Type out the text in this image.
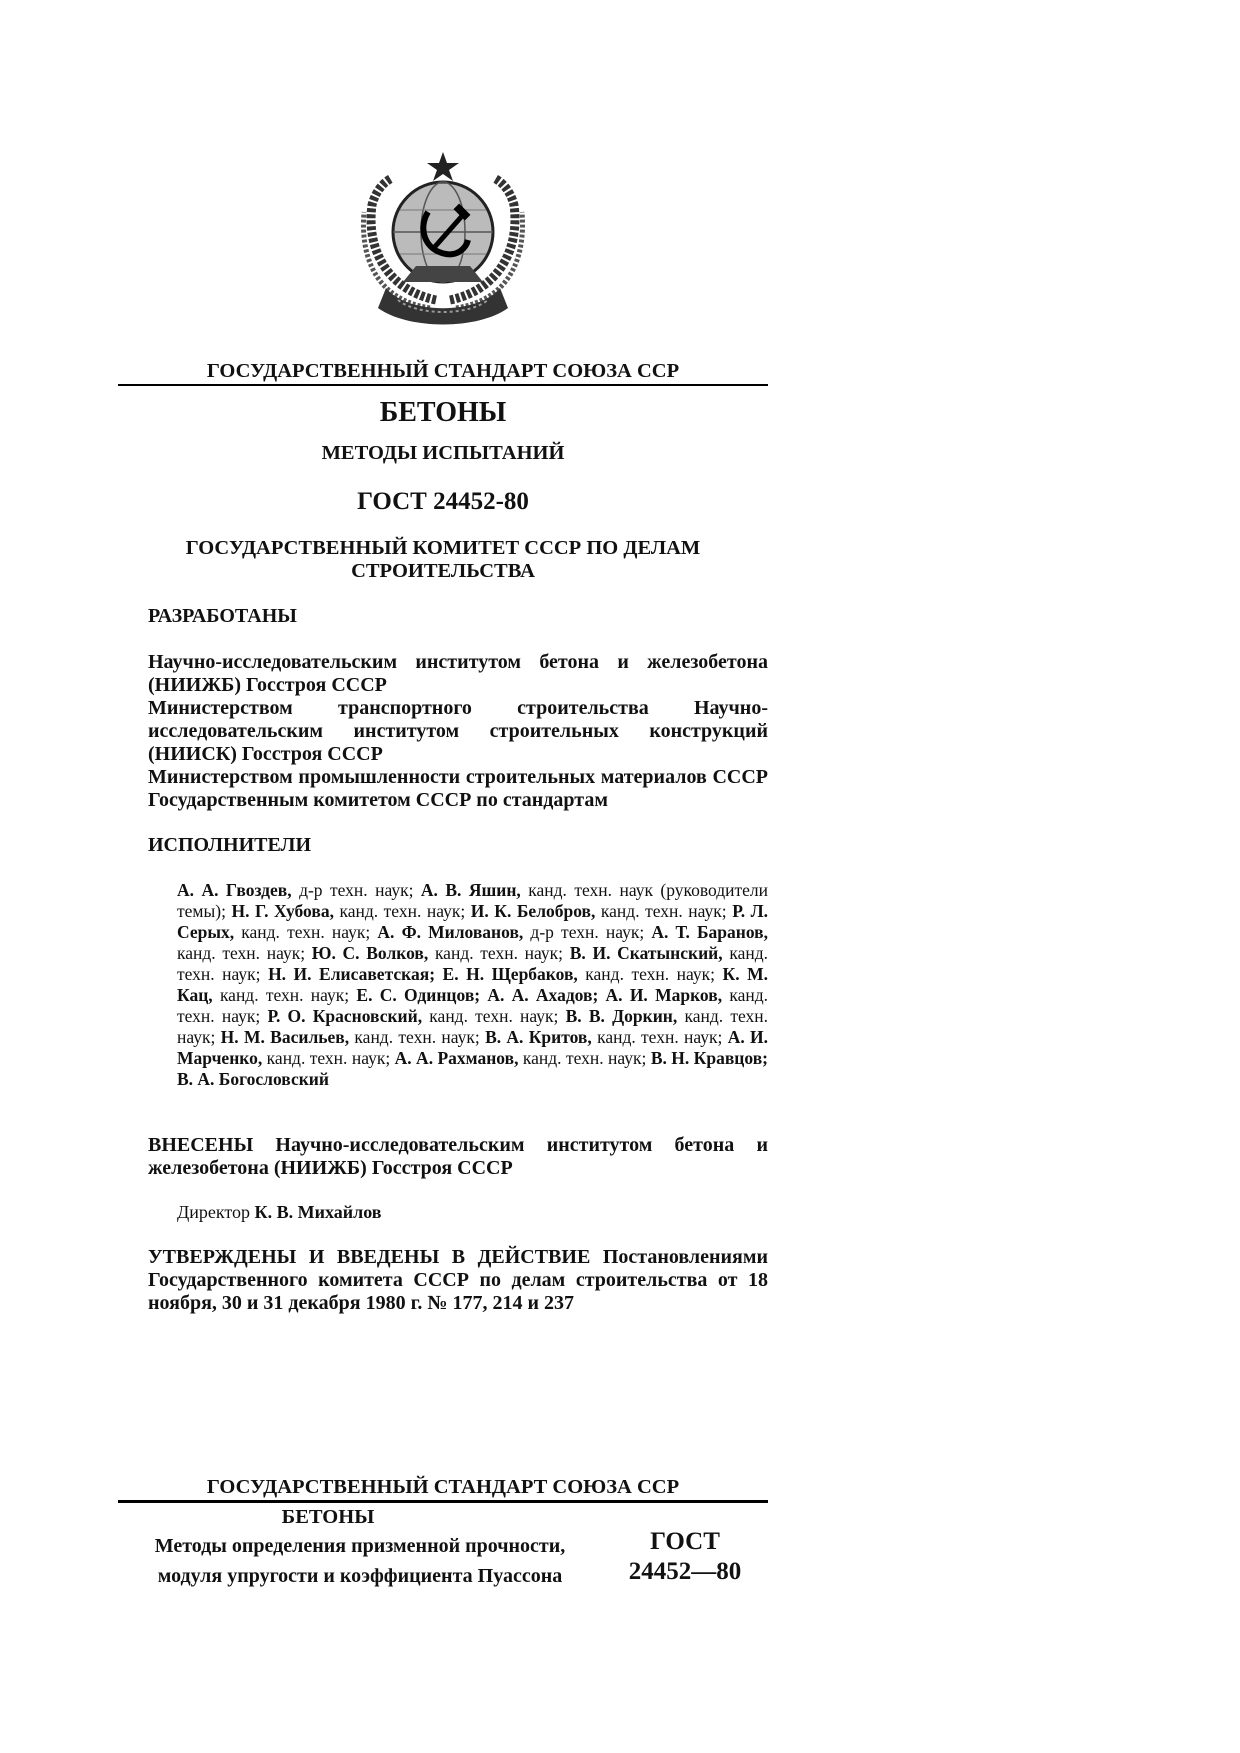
ГОСУДАРСТВЕННЫЙ СТАНДАРТ СОЮЗА ССР
БЕТОНЫ
МЕТОДЫ ИСПЫТАНИЙ
ГОСТ 24452-80
ГОСУДАРСТВЕННЫЙ КОМИТЕТ СССР ПО ДЕЛАМ
СТРОИТЕЛЬСТВА
РАЗРАБОТАНЫ
Научно-исследовательским институтом бетона и железобетона (НИИЖБ) Госстроя СССР
Министерством транспортного строительства Научно-исследовательским институтом строительных конструкций (НИИСК) Госстроя СССР
Министерством промышленности строительных материалов СССР Государственным комитетом СССР по стандартам
ИСПОЛНИТЕЛИ
А. А. Гвоздев, д-р техн. наук; А. В. Яшин, канд. техн. наук (руководители темы); Н. Г. Хубова, канд. техн. наук; И. К. Белобров, канд. техн. наук; Р. Л. Серых, канд. техн. наук; А. Ф. Милованов, д-р техн. наук; А. Т. Баранов, канд. техн. наук; Ю. С. Волков, канд. техн. наук; В. И. Скатынский, канд. техн. наук; Н. И. Елисаветская; Е. Н. Щербаков, канд. техн. наук; К. М. Кац, канд. техн. наук; Е. С. Одинцов; А. А. Ахадов; А. И. Марков, канд. техн. наук; Р. О. Красновский, канд. техн. наук; В. В. Доркин, канд. техн. наук; Н. М. Васильев, канд. техн. наук; В. А. Критов, канд. техн. наук; А. И. Марченко, канд. техн. наук; А. А. Рахманов, канд. техн. наук; В. Н. Кравцов; В. А. Богословский
ВНЕСЕНЫ Научно-исследовательским институтом бетона и железобетона (НИИЖБ) Госстроя СССР
Директор К. В. Михайлов
УТВЕРЖДЕНЫ И ВВЕДЕНЫ В ДЕЙСТВИЕ Постановлениями Государственного комитета СССР по делам строительства от 18 ноября, 30 и 31 декабря 1980 г. № 177, 214 и 237
ГОСУДАРСТВЕННЫЙ СТАНДАРТ СОЮЗА ССР
БЕТОНЫ
Методы определения призменной прочности,
модуля упругости и коэффициента Пуассона
ГОСТ
24452—80
